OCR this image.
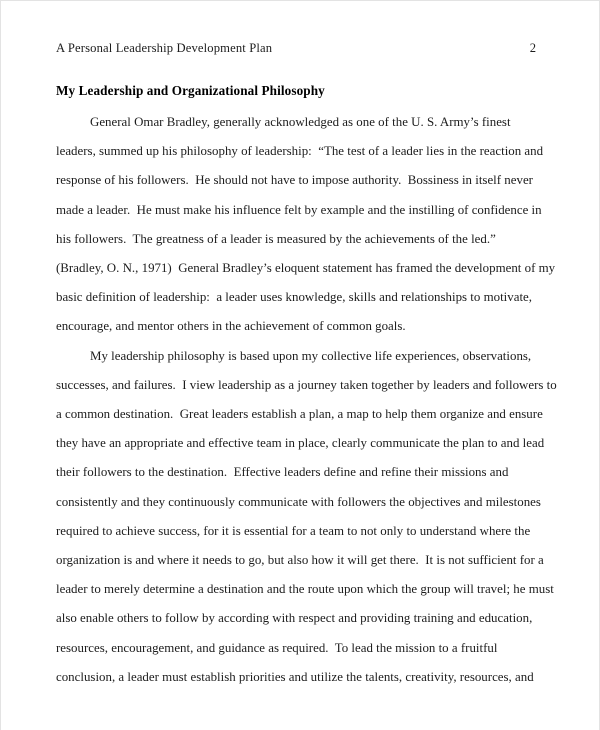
A Personal Leadership Development Plan	2
My Leadership and Organizational Philosophy

General Omar Bradley, generally acknowledged as one of the U. S. Army’s finest
leaders, summed up his philosophy of leadership:  “The test of a leader lies in the reaction and
response of his followers.  He should not have to impose authority.  Bossiness in itself never
made a leader.  He must make his influence felt by example and the instilling of confidence in
his followers.  The greatness of a leader is measured by the achievements of the led.”
(Bradley, O. N., 1971)  General Bradley’s eloquent statement has framed the development of my
basic definition of leadership:  a leader uses knowledge, skills and relationships to motivate,
encourage, and mentor others in the achievement of common goals.

My leadership philosophy is based upon my collective life experiences, observations,
successes, and failures.  I view leadership as a journey taken together by leaders and followers to
a common destination.  Great leaders establish a plan, a map to help them organize and ensure
they have an appropriate and effective team in place, clearly communicate the plan to and lead
their followers to the destination.  Effective leaders define and refine their missions and
consistently and they continuously communicate with followers the objectives and milestones
required to achieve success, for it is essential for a team to not only to understand where the
organization is and where it needs to go, but also how it will get there.  It is not sufficient for a
leader to merely determine a destination and the route upon which the group will travel; he must
also enable others to follow by according with respect and providing training and education,
resources, encouragement, and guidance as required.  To lead the mission to a fruitful
conclusion, a leader must establish priorities and utilize the talents, creativity, resources, and
